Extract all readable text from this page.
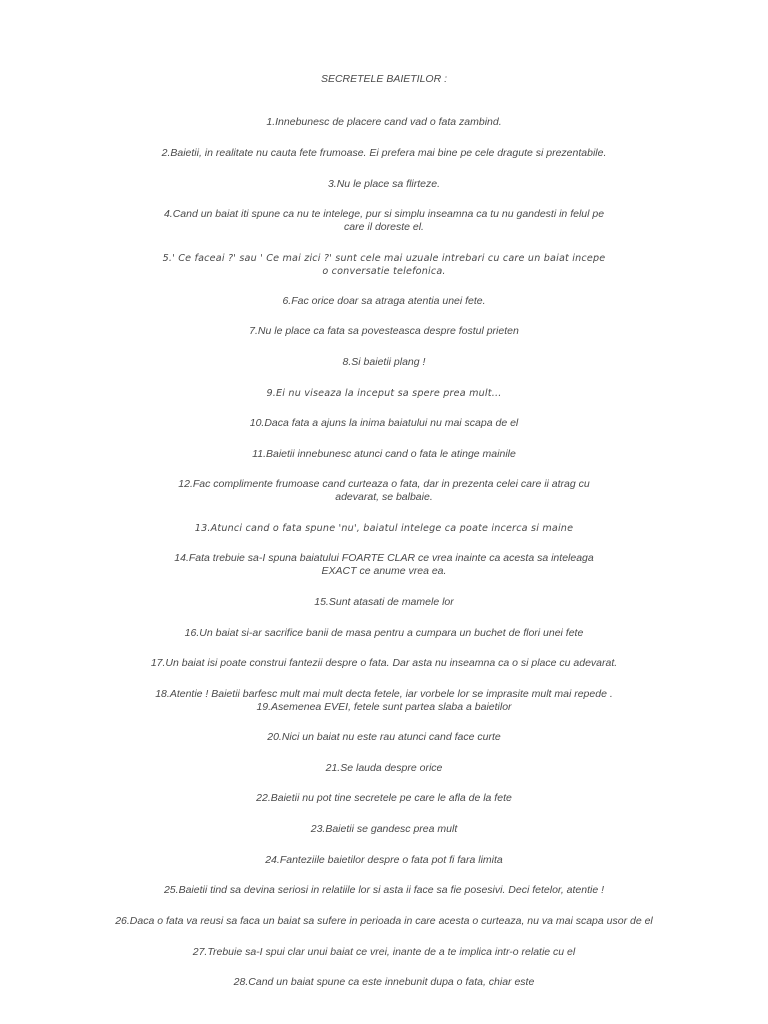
SECRETELE BAIETILOR :
1.Innebunesc de placere cand vad o fata zambind.
2.Baietii, in realitate nu cauta fete frumoase. Ei prefera mai bine pe cele dragute si prezentabile.
3.Nu le place sa flirteze.
4.Cand un baiat iti spune ca nu te intelege, pur si simplu inseamna ca tu nu gandesti in felul pe care il doreste el.
5.' Ce faceai ?' sau ' Ce mai zici ?' sunt cele mai uzuale intrebari cu care un baiat incepe o conversatie telefonica.
6.Fac orice doar sa atraga atentia unei fete.
7.Nu le place ca fata sa povesteasca despre fostul prieten
8.Si baietii plang !
9.Ei nu viseaza la inceput sa spere prea mult...
10.Daca fata a ajuns la inima baiatului nu mai scapa de el
11.Baietii innebunesc atunci cand o fata le atinge mainile
12.Fac complimente frumoase cand curteaza o fata, dar in prezenta celei care ii atrag cu adevarat, se balbaie.
13.Atunci cand o fata spune 'nu', baiatul intelege ca poate incerca si maine
14.Fata trebuie sa-I spuna baiatului FOARTE CLAR ce vrea inainte ca acesta sa inteleaga EXACT ce anume vrea ea.
15.Sunt atasati de mamele lor
16.Un baiat si-ar sacrifice banii de masa pentru a cumpara un buchet de flori unei fete
17.Un baiat isi poate construi fantezii despre o fata. Dar asta nu inseamna ca o si place cu adevarat.
18.Atentie ! Baietii barfesc mult mai mult decta fetele, iar vorbele lor se imprasite mult mai repede .
19.Asemenea EVEI, fetele sunt partea slaba a baietilor
20.Nici un baiat nu este rau atunci cand face curte
21.Se lauda despre orice
22.Baietii nu pot tine secretele pe care le afla de la fete
23.Baietii se gandesc prea mult
24.Fanteziile baietilor despre o fata pot fi fara limita
25.Baietii tind sa devina seriosi in relatiile lor si asta ii face sa fie posesivi. Deci fetelor, atentie !
26.Daca o fata va reusi sa faca un baiat sa sufere in perioada in care acesta o curteaza, nu va mai scapa usor de el
27.Trebuie sa-I spui clar unui baiat ce vrei, inante de a te implica intr-o relatie cu el
28.Cand un baiat spune ca este innebunit dupa o fata, chiar este
